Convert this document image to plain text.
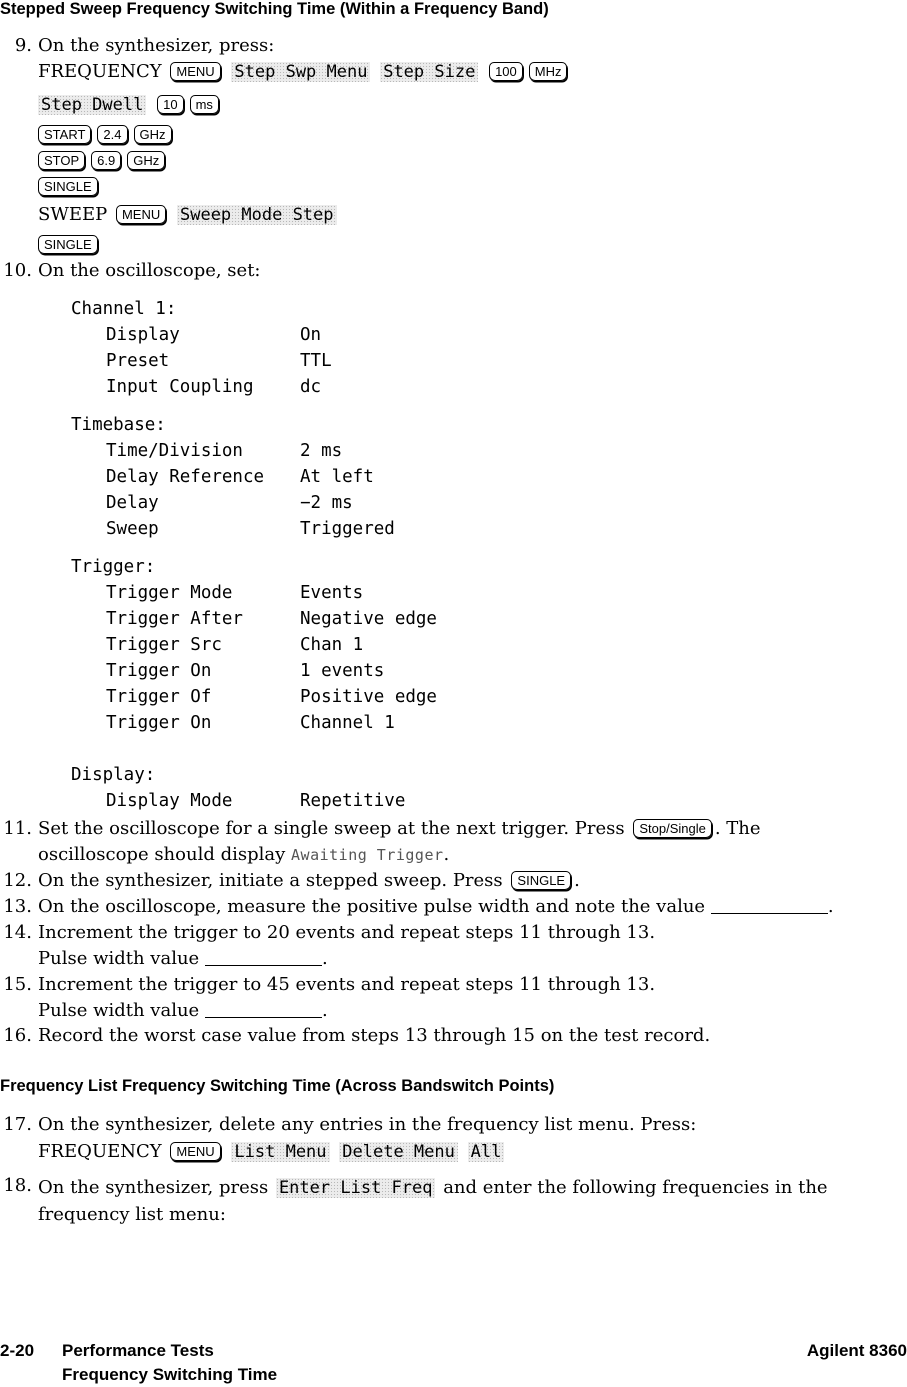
Stepped Sweep Frequency Switching Time (Within a Frequency Band)
9. On the synthesizer, press:
FREQUENCY MENU Step Swp Menu Step Size 100 MHz
Step Dwell 10 ms
START 2.4 GHz
STOP 6.9 GHz
SINGLE
SWEEP MENU Sweep Mode Step
SINGLE
10. On the oscilloscope, set:
Channel 1:
Display	On
Preset	TTL
Input Coupling	dc
Timebase:
Time/Division	2 ms
Delay Reference At left
Delay	−2 ms
Sweep	Triggered
Trigger:
Trigger Mode	Events
Trigger After	Negative edge
Trigger Src	Chan 1
Trigger On	1 events
Trigger Of	Positive edge
Trigger On	Channel 1
Display:
Display Mode	Repetitive
11. Set the oscilloscope for a single sweep at the next trigger. Press Stop/Single . The
oscilloscope should display Awaiting Trigger.
12. On the synthesizer, initiate a stepped sweep. Press SINGLE .
13. On the oscilloscope, measure the positive pulse width and note the value	.
14. Increment the trigger to 20 events and repeat steps 11 through 13.
Pulse width value	.
15. Increment the trigger to 45 events and repeat steps 11 through 13.
Pulse width value	.
16. Record the worst case value from steps 13 through 15 on the test record.
Frequency List Frequency Switching Time (Across Bandswitch Points)
17. On the synthesizer, delete any entries in the frequency list menu. Press:
FREQUENCY MENU List Menu Delete Menu All
18. On the synthesizer, press Enter List Freq and enter the following frequencies in the
frequency list menu:
2-20 Performance Tests
Frequency Switching Time
Agilent 8360
